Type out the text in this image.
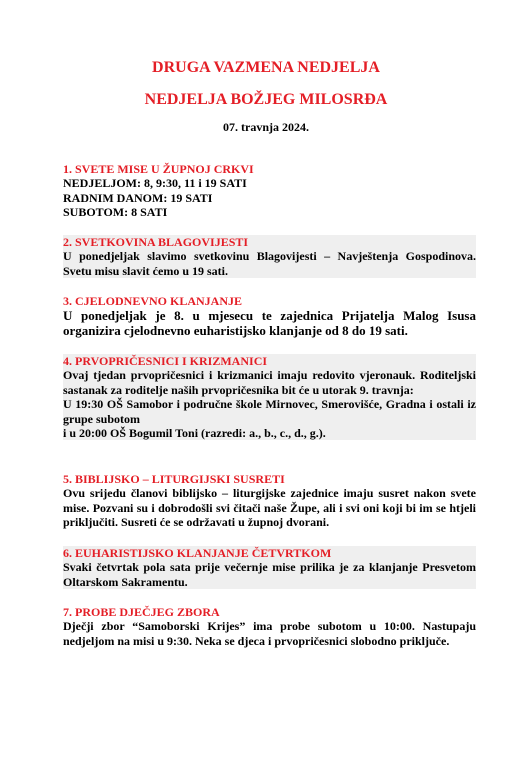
DRUGA VAZMENA NEDJELJA
NEDJELJA BOŽJEG MILOSRĐA
07. travnja 2024.
1. SVETE MISE U ŽUPNOJ CRKVI
NEDJELJOM: 8, 9:30, 11 i 19 SATI
RADNIM DANOM: 19 SATI
SUBOTOM: 8 SATI
2. SVETKOVINA BLAGOVIJESTI
U ponedjeljak slavimo svetkovinu Blagovijesti – Navještenja Gospodinova. Svetu misu slavit ćemo u 19 sati.
3. CJELODNEVNO KLANJANJE
U ponedjeljak je 8. u mjesecu te zajednica Prijatelja Malog Isusa organizira cjelodnevno euharistijsko klanjanje od 8 do 19 sati.
4. PRVOPRIČESNICI I KRIZMANICI
Ovaj tjedan prvopričesnici i krizmanici imaju redovito vjeronauk. Roditeljski sastanak za roditelje naših prvopričesnika bit će u utorak 9. travnja:
U 19:30 OŠ Samobor i područne škole Mirnovec, Smerovišće, Gradna i ostali iz grupe subotom
i u 20:00 OŠ Bogumil Toni (razredi: a., b., c., d., g.).
5. BIBLIJSKO – LITURGIJSKI SUSRETI
Ovu srijedu članovi biblijsko – liturgijske zajednice imaju susret nakon svete mise. Pozvani su i dobrodošli svi čitači naše Župe, ali i svi oni koji bi im se htjeli priključiti. Susreti će se održavati u župnoj dvorani.
6. EUHARISTIJSKO KLANJANJE ČETVRTKOM
Svaki četvrtak pola sata prije večernje mise prilika je za klanjanje Presvetom Oltarskom Sakramentu.
7. PROBE DJEČJEG ZBORA
Dječji zbor “Samoborski Krijes” ima probe subotom u 10:00. Nastupaju nedjeljom na misi u 9:30. Neka se djeca i prvopričesnici slobodno priključe.
